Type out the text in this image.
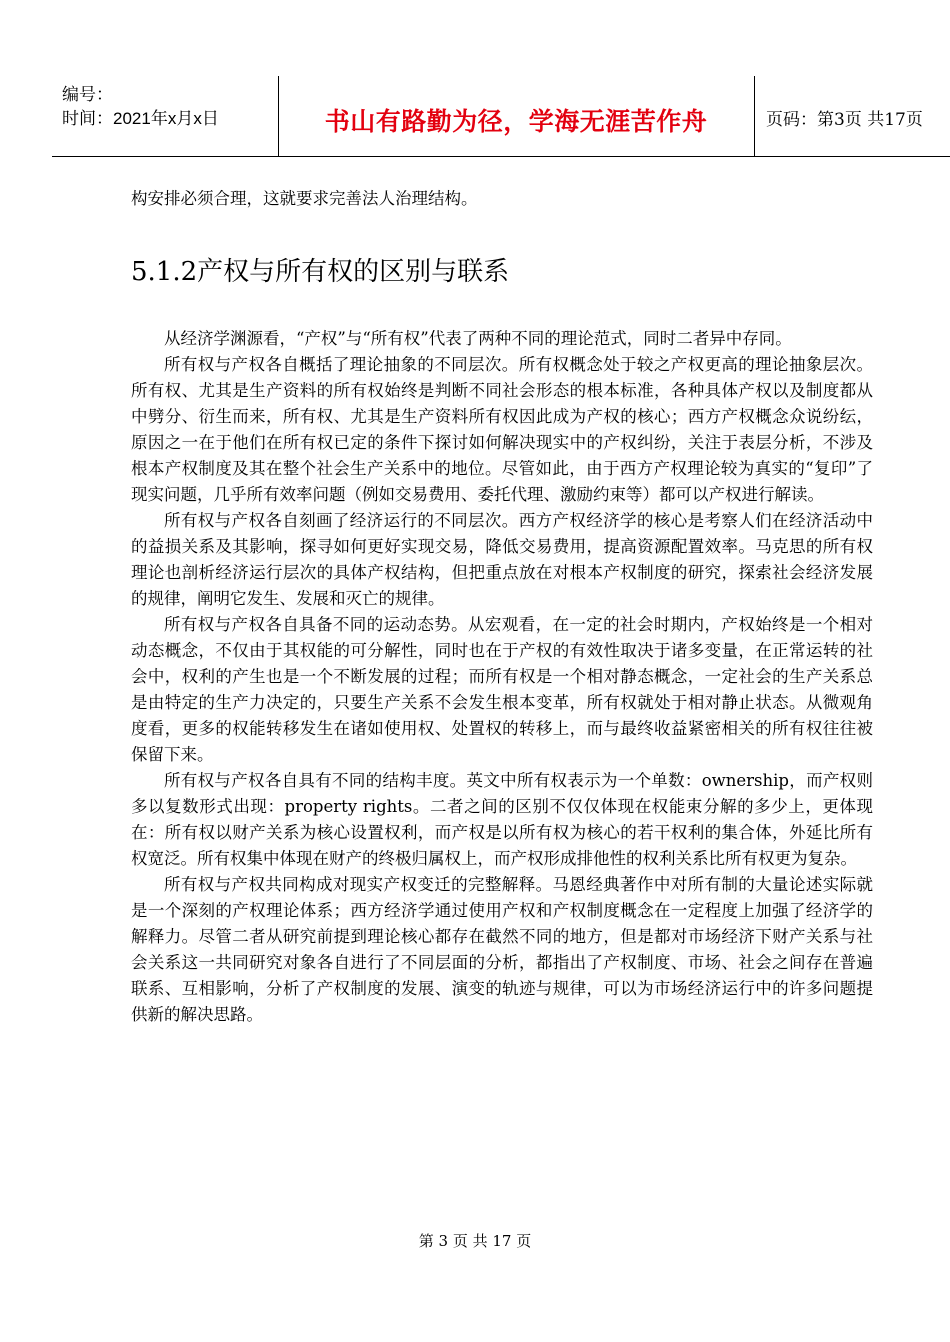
编号：
时间：2021年x月x日	书山有路勤为径，学海无涯苦作舟	页码：第3页 共17页
构安排必须合理，这就要求完善法人治理结构。
5.1.2产权与所有权的区别与联系

从经济学渊源看，“产权”与“所有权”代表了两种不同的理论范式，同时二者异中存同。

所有权与产权各自概括了理论抽象的不同层次。所有权概念处于较之产权更高的理论抽象层次。所有权、尤其是生产资料的所有权始终是判断不同社会形态的根本标准，各种具体产权以及制度都从中劈分、衍生而来，所有权、尤其是生产资料所有权因此成为产权的核心；西方产权概念众说纷纭，原因之一在于他们在所有权已定的条件下探讨如何解决现实中的产权纠纷，关注于表层分析，不涉及根本产权制度及其在整个社会生产关系中的地位。尽管如此，由于西方产权理论较为真实的“复印”了现实问题，几乎所有效率问题（例如交易费用、委托代理、激励约束等）都可以产权进行解读。

所有权与产权各自刻画了经济运行的不同层次。西方产权经济学的核心是考察人们在经济活动中的益损关系及其影响，探寻如何更好实现交易，降低交易费用，提高资源配置效率。马克思的所有权理论也剖析经济运行层次的具体产权结构，但把重点放在对根本产权制度的研究，探索社会经济发展的规律，阐明它发生、发展和灭亡的规律。

所有权与产权各自具备不同的运动态势。从宏观看，在一定的社会时期内，产权始终是一个相对动态概念，不仅由于其权能的可分解性，同时也在于产权的有效性取决于诸多变量，在正常运转的社会中，权利的产生也是一个不断发展的过程；而所有权是一个相对静态概念，一定社会的生产关系总是由特定的生产力决定的，只要生产关系不会发生根本变革，所有权就处于相对静止状态。从微观角度看，更多的权能转移发生在诸如使用权、处置权的转移上，而与最终收益紧密相关的所有权往往被保留下来。

所有权与产权各自具有不同的结构丰度。英文中所有权表示为一个单数：ownership，而产权则多以复数形式出现：property rights。二者之间的区别不仅仅体现在权能束分解的多少上，更体现在：所有权以财产关系为核心设置权利，而产权是以所有权为核心的若干权利的集合体，外延比所有权宽泛。所有权集中体现在财产的终极归属权上，而产权形成排他性的权利关系比所有权更为复杂。

所有权与产权共同构成对现实产权变迁的完整解释。马恩经典著作中对所有制的大量论述实际就是一个深刻的产权理论体系；西方经济学通过使用产权和产权制度概念在一定程度上加强了经济学的解释力。尽管二者从研究前提到理论核心都存在截然不同的地方，但是都对市场经济下财产关系与社会关系这一共同研究对象各自进行了不同层面的分析，都指出了产权制度、市场、社会之间存在普遍联系、互相影响，分析了产权制度的发展、演变的轨迹与规律，可以为市场经济运行中的许多问题提供新的解决思路。

第 3 页 共 17 页
